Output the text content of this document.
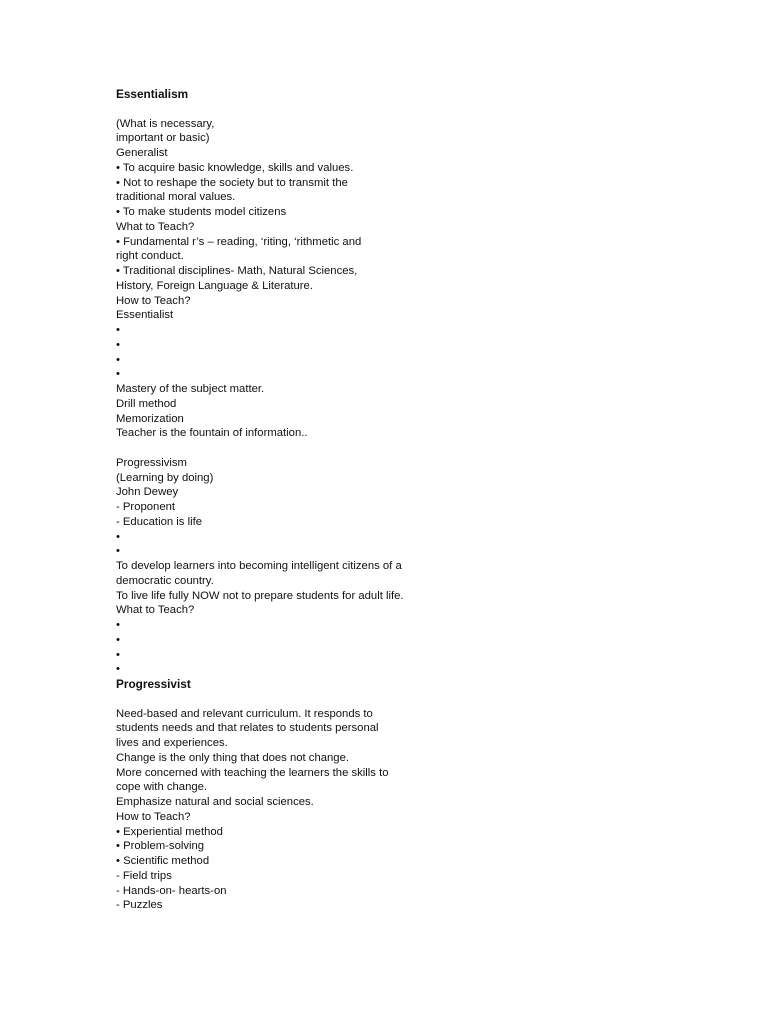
Essentialism
(What is necessary,
important or basic)
Generalist
• To acquire basic knowledge, skills and values.
• Not to reshape the society but to transmit the
traditional moral values.
• To make students model citizens
What to Teach?
• Fundamental r’s – reading, ‘riting, ‘rithmetic and
right conduct.
• Traditional disciplines- Math, Natural Sciences,
History, Foreign Language & Literature.
How to Teach?
Essentialist
•
•
•
•
Mastery of the subject matter.
Drill method
Memorization
Teacher is the fountain of information..
Progressivism
(Learning by doing)
John Dewey
- Proponent
- Education is life
•
•
To develop learners into becoming intelligent citizens of a
democratic country.
To live life fully NOW not to prepare students for adult life.
What to Teach?
•
•
•
•
Progressivist
Need-based and relevant curriculum. It responds to
students needs and that relates to students personal
lives and experiences.
Change is the only thing that does not change.
More concerned with teaching the learners the skills to
cope with change.
Emphasize natural and social sciences.
How to Teach?
• Experiential method
• Problem-solving
• Scientific method
- Field trips
- Hands-on- hearts-on
- Puzzles
